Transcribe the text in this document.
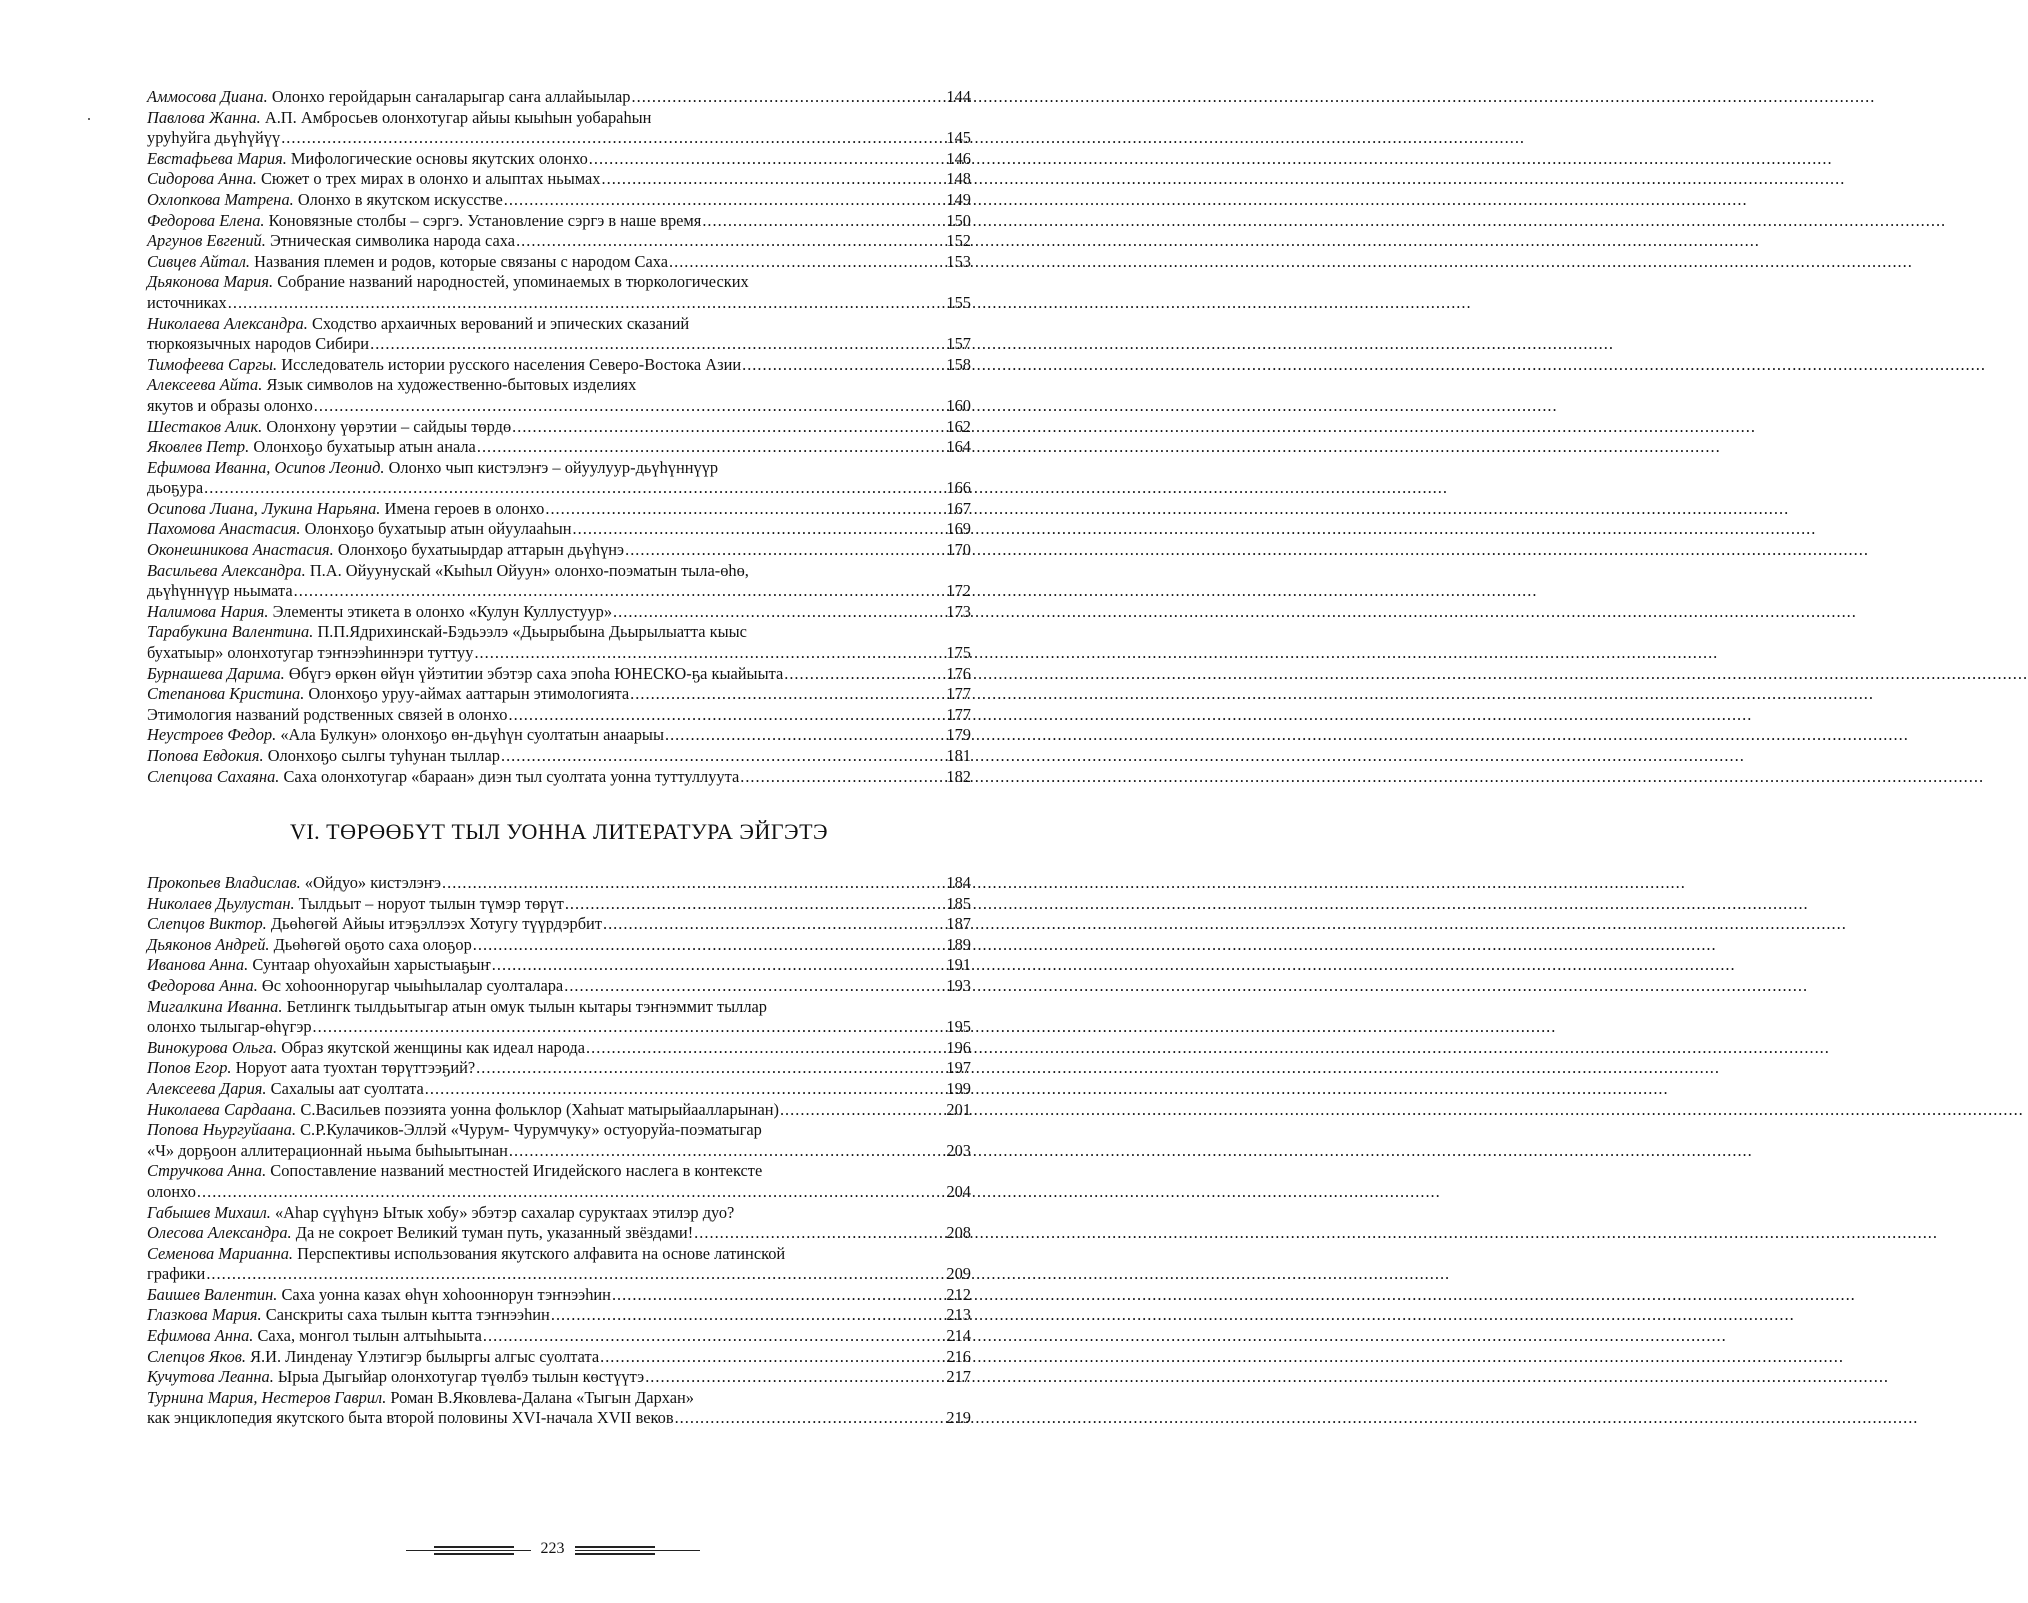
Аммосова Диана. Олонхо геройдарын саҥаларыгар саҥа аллайыылар .....	144
Павлова Жанна. А.П. Амбросьев олонхотугар айыы кыыһын уобараһын
уруһуйга дьүһүйүү .....	145
Евстафьева Мария. Мифологические основы якутских олонхо .....	146
Сидорова Анна. Сюжет о трех мирах в олонхо и алыптах ньымах .....	148
Охлопкова Матрена. Олонхо в якутском искусстве .....	149
Федорова Елена. Коновязные столбы – сэргэ. Установление сэргэ в наше время .....	150
Аргунов Евгений. Этническая символика народа саха .....	152
Сивцев Айтал. Названия племен и родов, которые связаны с народом Саха .....	153
Дьяконова Мария. Собрание названий народностей, упоминаемых в тюркологических
источниках .....	155
Николаева Александра. Сходство архаичных верований и эпических сказаний
тюркоязычных народов Сибири .....	157
Тимофеева Саргы. Исследователь истории русского населения Северо-Востока Азии .....	158
Алексеева Айта. Язык символов на художественно-бытовых изделиях
якутов и образы олонхо .....	160
Шестаков Алик. Олонхону үөрэтии – сайдыы төрдө .....	162
Яковлев Петр. Олонхоҕо бухатыыр атын анала .....	164
Ефимова Иванна, Осипов Леонид. Олонхо чып кистэлэҥэ – ойуулуур-дьүһүннүүр
дьоҕура .....	166
Осипова Лиана, Лукина Нарьяна. Имена героев в олонхо .....	167
Пахомова Анастасия. Олонхоҕо бухатыыр атын ойуулааһын .....	169
Оконешникова Анастасия. Олонхоҕо бухатыырдар аттарын дьүһүнэ .....	170
Васильева Александра. П.А. Ойуунускай «Кыһыл Ойуун» олонхо-поэматын тыла-өһө,
дьүһүннүүр ньымата .....	172
Налимова Нария. Элементы этикета в олонхо «Кулун Куллустуур» .....	173
Тарабукина Валентина. П.П.Ядрихинскай-Бэдьээлэ «Дьырыбына Дьырылыатта кыыс
бухатыыр» олонхотугар тэҥнээһиннэри туттуу .....	175
Бурнашева Дарима. Өбүгэ өркөн өйүн үйэтитии эбэтэр саха эпоһа ЮНЕСКО-ҕа кыайыыта .....	176
Степанова Кристина. Олонхоҕо уруу-аймах ааттарын этимологията .....	177
Этимология названий родственных связей в олонхо .....	177
Неустроев Федор. «Ала Булкун» олонхоҕо өн-дьүһүн суолтатын анаарыы .....	179
Попова Евдокия. Олонхоҕо сылгы туһунан тыллар .....	181
Слепцова Сахаяна. Саха олонхотугар «бараан» диэн тыл суолтата уонна туттуллуута .....	182
VI. ТӨРӨӨБҮТ ТЫЛ УОННА ЛИТЕРАТУРА ЭЙГЭТЭ
Прокопьев Владислав. «Ойдуо» кистэлэҥэ .....	184
Николаев Дьулустан. Тылдьыт – норуот тылын түмэр төрүт .....	185
Слепцов Виктор. Дьөһөгөй Айыы итэҕэллээх Хотугу түүрдэрбит .....	187
Дьяконов Андрей. Дьөһөгөй оҕото саха олоҕор .....	189
Иванова Анна. Сунтаар оһуохайын харыстыаҕыҥ .....	191
Федорова Анна. Өс хоһоонноругар чыыһылалар суолталара .....	193
Мигалкина Иванна. Бетлингк тылдьытыгар атын омук тылын кытары тэҥнэммит тыллар
олонхо тылыгар-өһүгэр .....	195
Винокурова Ольга. Образ якутской женщины как идеал народа .....	196
Попов Егор. Норуот аата туохтан төрүттээҕий? .....	197
Алексеева Дария. Сахалыы аат суолтата .....	199
Николаева Сардаана. С.Васильев поэзията уонна фольклор (Хаһыат матырыйаалларынан) .....	201
Попова Ньургуйаана. С.Р.Кулачиков-Эллэй «Чурум- Чурумчуку» остуоруйа-поэматыгар
«Ч» дорҕоон аллитерационнай ньыма быһыытынан .....	203
Стручкова Анна. Сопоставление названий местностей Игидейского наслега в контексте
олонхо .....	204
Габышев Михаил. «Аһар сүүһүнэ Ытык хобу» эбэтэр сахалар суруктаах этилэр дуо?
Олесова Александра. Да не сокроет Великий туман путь, указанный звёздами! .....	208
Семенова Марианна. Перспективы использования якутского алфавита на основе латинской
графики .....	209
Баишев Валентин. Саха уонна казах өһүн хоһооннорун тэҥнээһин .....	212
Глазкова Мария. Санскриты саха тылын кытта тэҥнээһин .....	213
Ефимова Анна. Саха, монгол тылын алтыһыыта .....	214
Слепцов Яков. Я.И. Линденау Үлэтигэр былыргы алгыс суолтата .....	216
Кучутова Леанна. Ырыа Дыгыйар олонхотугар түөлбэ тылын көстүүтэ .....	217
Турнина Мария, Нестеров Гаврил. Роман В.Яковлева-Далана «Тыгын Дархан»
как энциклопедия якутского быта второй половины XVI-начала XVII веков .....	219
223
